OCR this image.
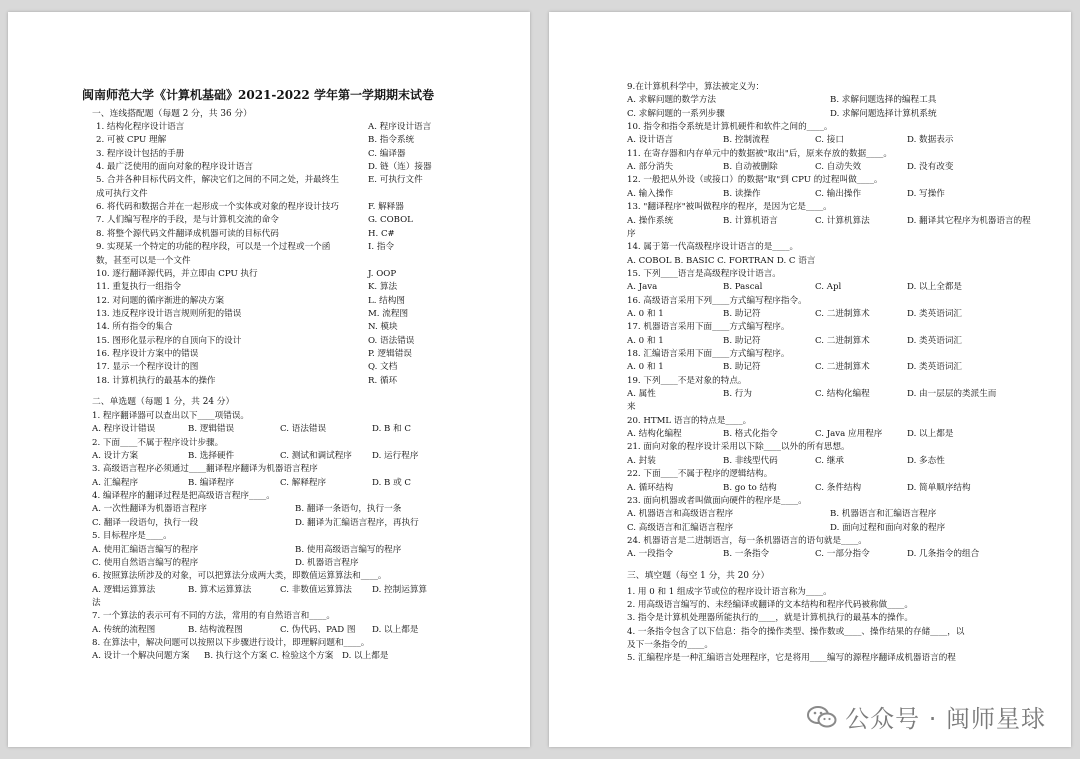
闽南师范大学《计算机基础》2021-2022 学年第一学期期末试卷
一、连线搭配题（每题 2 分，共 36 分）
1. 结构化程序设计语言	A. 程序设计语言
2. 可被 CPU 理解	B. 指令系统
3. 程序设计包括的手册	C. 编译器
4. 最广泛使用的面向对象的程序设计语言	D. 链（连）接器
5. 合并各种目标代码文件，解决它们之间的不同之处，并最终生	E. 可执行文件
成可执行文件
6. 将代码和数据合并在一起形成一个实体或对象的程序设计技巧	F. 解释器
7. 人们编写程序的手段，是与计算机交流的命令	G. COBOL
8. 将整个源代码文件翻译成机器可读的目标代码	H. C#
9. 实现某一个特定的功能的程序段，可以是一个过程或一个函	I. 指令
数，甚至可以是一个文件
10. 逐行翻译源代码，并立即由 CPU 执行	J. OOP
11. 重复执行一组指令	K. 算法
12. 对问题的循序渐进的解决方案	L. 结构图
13. 违反程序设计语言规则所犯的错误	M. 流程图
14. 所有指令的集合	N. 模块
15. 图形化显示程序的自顶向下的设计	O. 语法错误
16. 程序设计方案中的错误	P. 逻辑错误
17. 显示一个程序设计的图	Q. 文档
18. 计算机执行的最基本的操作	R. 循环
二、单选题（每题 1 分，共 24 分）
1. 程序翻译器可以查出以下____项错误。
A. 程序设计错误	B. 逻辑错误	C. 语法错误	D. B 和 C
2. 下面____不属于程序设计步骤。
A. 设计方案	B. 选择硬件	C. 测试和调试程序 D. 运行程序
3. 高级语言程序必须通过____翻译程序翻译为机器语言程序
A. 汇编程序	B. 编译程序	C. 解释程序	D. B 或 C
4. 编译程序的翻译过程是把高级语言程序____。
A. 一次性翻译为机器语言程序	B. 翻译一条语句，执行一条
C. 翻译一段语句，执行一段	D. 翻译为汇编语言程序，再执行
5. 目标程序是____。
A. 使用汇编语言编写的程序	B. 使用高级语言编写的程序
C. 使用自然语言编写的程序	D. 机器语言程序
6. 按照算法所涉及的对象，可以把算法分成两大类，即数值运算算法和____。
A. 逻辑运算算法	B. 算术运算算法	C. 非数值运算算法 D. 控制运算算
法
7. 一个算法的表示可有不同的方法，常用的有自然语言和____。
A. 传统的流程图	B. 结构流程图	C. 伪代码、PAD 图 D. 以上都是
8. 在算法中，解决问题可以按照以下步骤进行设计，即理解问题和____。
A. 设计一个解决问题方案 B. 执行这个方案 C. 检验这个方案 D. 以上都是
9.在计算机科学中，算法被定义为：
A. 求解问题的数学方法	B. 求解问题选择的编程工具
C. 求解问题的一系列步骤	D. 求解问题选择计算机系统
10. 指令和指令系统是计算机硬件和软件之间的____。
A. 设计语言	B. 控制流程	C. 接口	D. 数据表示
11. 在寄存器和内存单元中的数据被"取出"后，原来存放的数据____。
A. 部分消失	B. 自动被删除	C. 自动失效	D. 没有改变
12. 一般把从外设（或接口）的数据"取"到 CPU 的过程叫做____。
A. 输入操作	B. 读操作	C. 输出操作	D. 写操作
13. "翻译程序"被叫做程序的程序，是因为它是____。
A. 操作系统	B. 计算机语言	C. 计算机算法	D. 翻译其它程序为机器语言的程
序
14. 属于第一代高级程序设计语言的是____。
A. COBOL B. BASIC C. FORTRAN D. C 语言
15. 下列____语言是高级程序设计语言。
A. Java	B. Pascal	C. Apl	D. 以上全都是
16. 高级语言采用下列____方式编写程序指令。
A. 0 和 1	B. 助记符	C. 二进制算术	D. 类英语词汇
17. 机器语言采用下面____方式编写程序。
A. 0 和 1	B. 助记符	C. 二进制算术	D. 类英语词汇
18. 汇编语言采用下面____方式编写程序。
A. 0 和 1	B. 助记符	C. 二进制算术	D. 类英语词汇
19. 下列____不是对象的特点。
A. 属性	B. 行为	C. 结构化编程	D. 由一层层的类派生而
来
20. HTML 语言的特点是____。
A. 结构化编程	B. 格式化指令	C. Java 应用程序	D. 以上都是
21. 面向对象的程序设计采用以下除____以外的所有思想。
A. 封装	B. 非线型代码	C. 继承	D. 多态性
22. 下面____不属于程序的逻辑结构。
A. 循环结构	B. go to 结构	C. 条件结构	D. 简单顺序结构
23. 面向机器或者叫做面向硬件的程序是____。
A. 机器语言和高级语言程序	B. 机器语言和汇编语言程序
C. 高级语言和汇编语言程序	D. 面向过程和面向对象的程序
24. 机器语言是二进制语言，每一条机器语言的语句就是____。
A. 一段指令	B. 一条指令	C. 一部分指令	D. 几条指令的组合
三、填空题（每空 1 分，共 20 分）
1. 用 0 和 1 组成字节或位的程序设计语言称为____。
2. 用高级语言编写的、未经编译或翻译的文本结构和程序代码被称做____。
3. 指令是计算机处理器所能执行的____，就是计算机执行的最基本的操作。
4. 一条指令包含了以下信息：指令的操作类型、操作数或____、操作结果的存储____，以
及下一条指令的____。
5. 汇编程序是一种汇编语言处理程序，它是将用____编写的源程序翻译成机器语言的程
公众号 · 闽师星球
